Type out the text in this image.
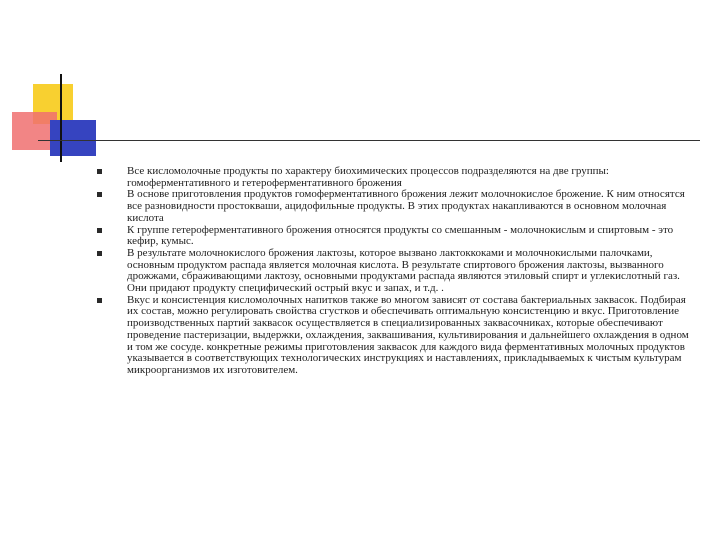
Все кисломолочные продукты по характеру биохимических процессов подразделяются на две группы: гомоферментативного и гетероферментативного брожения
В основе приготовления продуктов гомоферментативного брожения лежит молочнокислое брожение. К ним относятся все разновидности простокваши, ацидофильные продукты. В этих продуктах накапливаются в основном молочная кислота
К группе гетероферментативного брожения относятся продукты со смешанным - молочнокислым и спиртовым - это кефир, кумыс.
В результате молочнокислого брожения лактозы, которое вызвано лактоккоками и молочнокислыми палочками, основным продуктом распада является молочная кислота. В результате спиртового брожения лактозы, вызванного дрожжами, сбраживающими лактозу, основными продуктами распада являются этиловый спирт и углекислотный газ. Они придают продукту специфический острый вкус и запах, и т.д. .
Вкус и консистенция кисломолочных напитков также во многом зависят от состава бактериальных заквасок. Подбирая их состав, можно регулировать свойства сгустков и обеспечивать оптимальную консистенцию и вкус. Приготовление производственных партий заквасок осуществляется в специализированных заквасочниках, которые обеспечивают проведение пастеризации, выдержки, охлаждения, заквашивания, культивирования и дальнейшего охлаждения в одном и том же сосуде. конкретные режимы приготовления заквасок для каждого вида ферментативных молочных продуктов указывается в соответствующих технологических инструкциях и наставлениях, прикладываемых к чистым культурам микроорганизмов их изготовителем.
